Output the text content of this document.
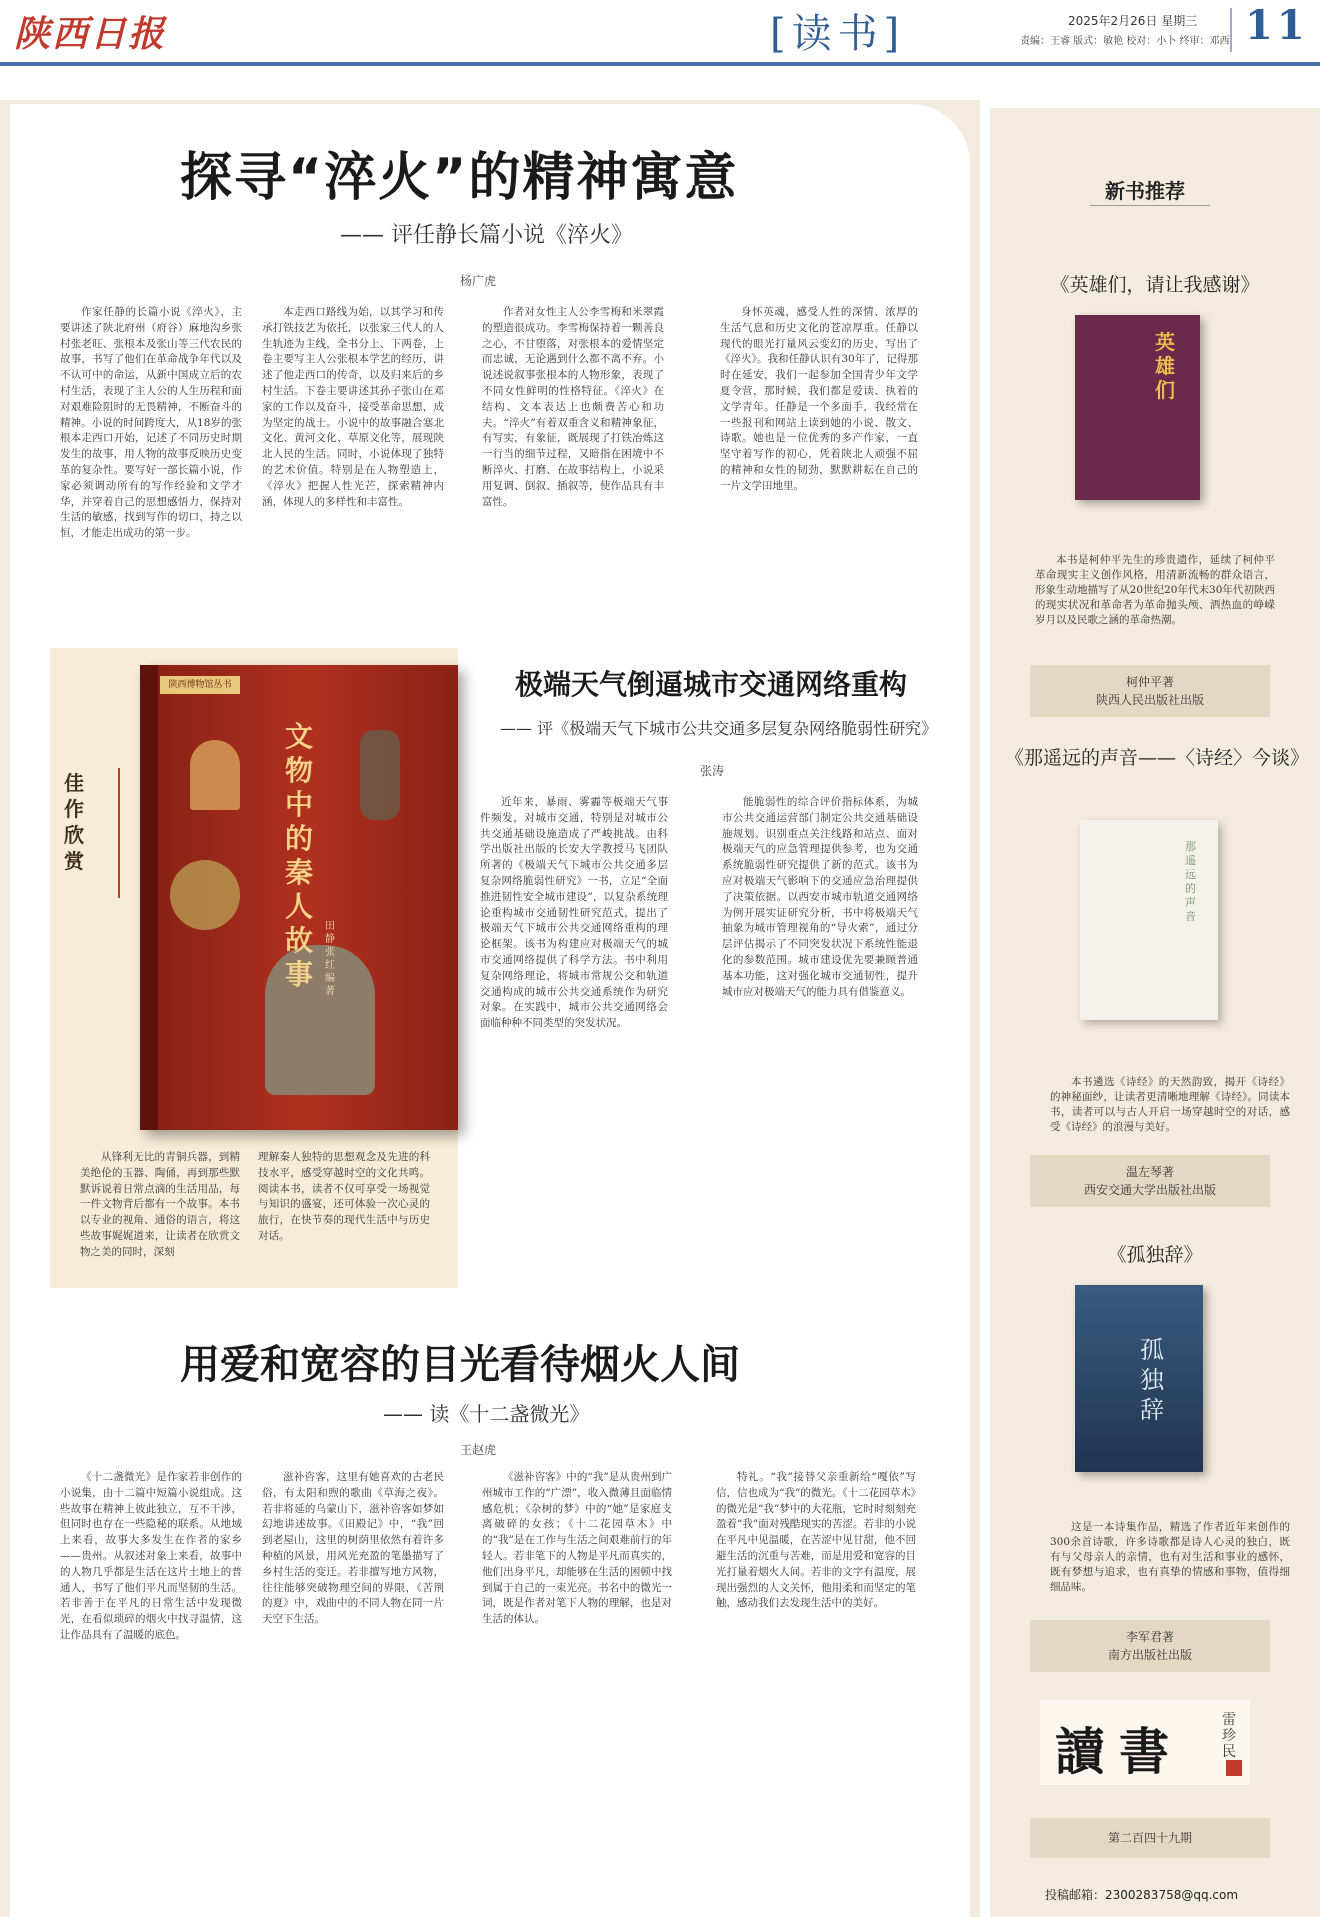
陕西日报	[读书]	2025年2月26日 星期三
责编：王睿 版式：敏艳 校对：小卜 终审：邓西 11
探寻“淬火”的精神寓意
—— 评任静长篇小说《淬火》
杨广虎

作家任静的长篇小说《淬火》，主要讲述了陕北府州（府谷）麻地沟乡张村张老旺、张根本及张山等三代农民的故事，书写了他们在革命战争年代以及不认可中的命运，从新中国成立后的农村生活，表现了主人公的人生历程和面对艰难险阻时的无畏精神，不断奋斗的精神。小说的时间跨度大，从18岁的张根本走西口开始，记述了不同历史时期发生的故事，用人物的故事反映历史变革的复杂性。要写好一部长篇小说，作家必须调动所有的写作经验和文学才华，并穿着自己的思想感悟力，保持对生活的敏感，找到写作的切口，持之以恒，才能走出成功的第一步。

本走西口路线为始，以其学习和传承打铁技艺为依托，以张家三代人的人生轨迹为主线，全书分上、下两卷，上卷主要写主人公张根本学艺的经历，讲述了他走西口的传奇，以及归来后的乡村生活。下卷主要讲述其孙子张山在邓家的工作以及奋斗，接受革命思想，成为坚定的战士。小说中的故事融合塞北文化、黄河文化、草原文化等，展现陕北人民的生活。同时，小说体现了独特的艺术价值。特别是在人物塑造上，《淬火》把握人性光芒，探索精神内涵，体现人的多样性和丰富性。

作者对女性主人公李雪梅和米翠霞的塑造很成功。李雪梅保持着一颗善良之心，不甘堕落，对张根本的爱情坚定而忠诚，无论遇到什么都不离不弃。小说述说叙事张根本的人物形象，表现了不同女性鲜明的性格特征。《淬火》在结构、文本表达上也颇费苦心和功夫。“淬火”有着双重含义和精神象征，有写实，有象征，既展现了打铁冶炼这一行当的细节过程，又暗指在困境中不断淬火、打磨、在故事结构上，小说采用复调、倒叙、插叙等，使作品具有丰富性。

身怀英魂，感受人性的深情、浓厚的生活气息和历史文化的苍凉厚重。任静以现代的眼光打量风云变幻的历史，写出了《淬火》。我和任静认识有30年了，记得那时在延安，我们一起参加全国青少年文学夏令营，那时候，我们都是爱读、执着的文学青年。任静是一个多面手，我经常在一些报刊和网站上读到她的小说、散文、诗歌。她也是一位优秀的多产作家，一直坚守着写作的初心，凭着陕北人顽强不屈的精神和女性的韧劲，默默耕耘在自己的一片文学田地里。

佳作欣赏
陕西博物馆丛书
文物中的秦人故事
田静 张红 编著

从锋利无比的青铜兵器，到精美绝伦的玉器、陶俑，再到那些默默诉说着日常点滴的生活用品，每一件文物背后都有一个故事。本书以专业的视角、通俗的语言，将这些故事娓娓道来，让读者在欣赏文物之美的同时，深刻

理解秦人独特的思想观念及先进的科技水平，感受穿越时空的文化共鸣。阅读本书，读者不仅可享受一场视觉与知识的盛宴，还可体验一次心灵的旅行，在快节奏的现代生活中与历史对话。

极端天气倒逼城市交通网络重构
—— 评《极端天气下城市公共交通多层复杂网络脆弱性研究》
张涛

近年来，暴雨、雾霾等极端天气事件频发，对城市交通，特别是对城市公共交通基础设施造成了严峻挑战。由科学出版社出版的长安大学教授马飞团队所著的《极端天气下城市公共交通多层复杂网络脆弱性研究》一书，立足“全面推进韧性安全城市建设”，以复杂系统理论重构城市交通韧性研究范式，提出了极端天气下城市公共交通网络重构的理论框架。该书为构建应对极端天气的城市交通网络提供了科学方法。书中利用复杂网络理论，将城市常规公交和轨道交通构成的城市公共交通系统作为研究对象。在实践中，城市公共交通网络会面临种种不同类型的突发状况。

能脆弱性的综合评价指标体系，为城市公共交通运营部门制定公共交通基础设施规划、识别重点关注线路和站点、面对极端天气的应急管理提供参考，也为交通系统脆弱性研究提供了新的范式。该书为应对极端天气影响下的交通应急治理提供了决策依据。以西安市城市轨道交通网络为例开展实证研究分析，书中将极端天气抽象为城市管理视角的“导火索”，通过分层评估揭示了不同突发状况下系统性能退化的参数范围。城市建设优先要兼顾普通基本功能，这对强化城市交通韧性，提升城市应对极端天气的能力具有借鉴意义。

用爱和宽容的目光看待烟火人间
—— 读《十二盏微光》
王赵虎

《十二盏微光》是作家若非创作的小说集，由十二篇中短篇小说组成。这些故事在精神上彼此独立，互不干涉，但同时也存在一些隐秘的联系。从地域上来看，故事大多发生在作者的家乡——贵州。从叙述对象上来看，故事中的人物几乎都是生活在这片土地上的普通人，书写了他们平凡而坚韧的生活。若非善于在平凡的日常生活中发现微光，在看似琐碎的烟火中找寻温情，这让作品具有了温暖的底色。

滋补咨客，这里有她喜欢的古老民俗，有太阳和煦的歌曲《草海之夜》。若非将延的乌蒙山下，滋补咨客如梦如幻地讲述故事。《田殿记》中，“我”回到老屋山，这里的树荫里依然有着许多种植的风景，用风光充盈的笔墨描写了乡村生活的变迁。若非擅写地方风物，往往能够突破物理空间的界限，《苦荆的夏》中，戏曲中的不同人物在同一片天空下生活。

《滋补咨客》中的“我”是从贵州到广州城市工作的“广漂”，收入微薄且面临情感危机；《杂树的梦》中的“她”是家庭支离破碎的女孩；《十二花园草木》中的“我”是在工作与生活之间艰难前行的年轻人。若非笔下的人物是平凡而真实的，他们出身平凡，却能够在生活的困顿中找到属于自己的一束光亮。书名中的微光一词，既是作者对笔下人物的理解，也是对生活的体认。

特礼。“我”接替父亲重新给“嘎依”写信，信也成为“我”的微光。《十二花园草木》的微光是“我”梦中的大花瓶，它时时刻刻充盈着“我”面对残酷现实的苦涩。若非的小说在平凡中见温暖，在苦涩中见甘甜，他不回避生活的沉重与苦难，而是用爱和宽容的目光打量着烟火人间。若非的文字有温度，展现出强烈的人文关怀，他用柔和而坚定的笔触，感动我们去发现生活中的美好。

新书推荐
《英雄们，请让我感谢》
英雄们

本书是柯仲平先生的珍贵遗作，延续了柯仲平革命现实主义创作风格，用清新流畅的群众语言，形象生动地描写了从20世纪20年代末30年代初陕西的现实状况和革命者为革命抛头颅、洒热血的峥嵘岁月以及民歌之涵的革命热潮。

柯仲平著
陕西人民出版社出版
《那遥远的声音——〈诗经〉今谈》
那遥远的声音

本书遴选《诗经》的天然韵致，揭开《诗经》的神秘面纱，让读者更清晰地理解《诗经》。同读本书，读者可以与古人开启一场穿越时空的对话，感受《诗经》的浪漫与美好。

温左琴著
西安交通大学出版社出版
《孤独辞》
孤独辞

这是一本诗集作品，精选了作者近年来创作的300余首诗歌，许多诗歌都是诗人心灵的独白，既有与父母亲人的亲情，也有对生活和事业的感怀，既有梦想与追求，也有真挚的情感和事物，值得细细品味。

李军君著
南方出版社出版
讀書
雷珍民
第二百四十九期
投稿邮箱：2300283758@qq.com
